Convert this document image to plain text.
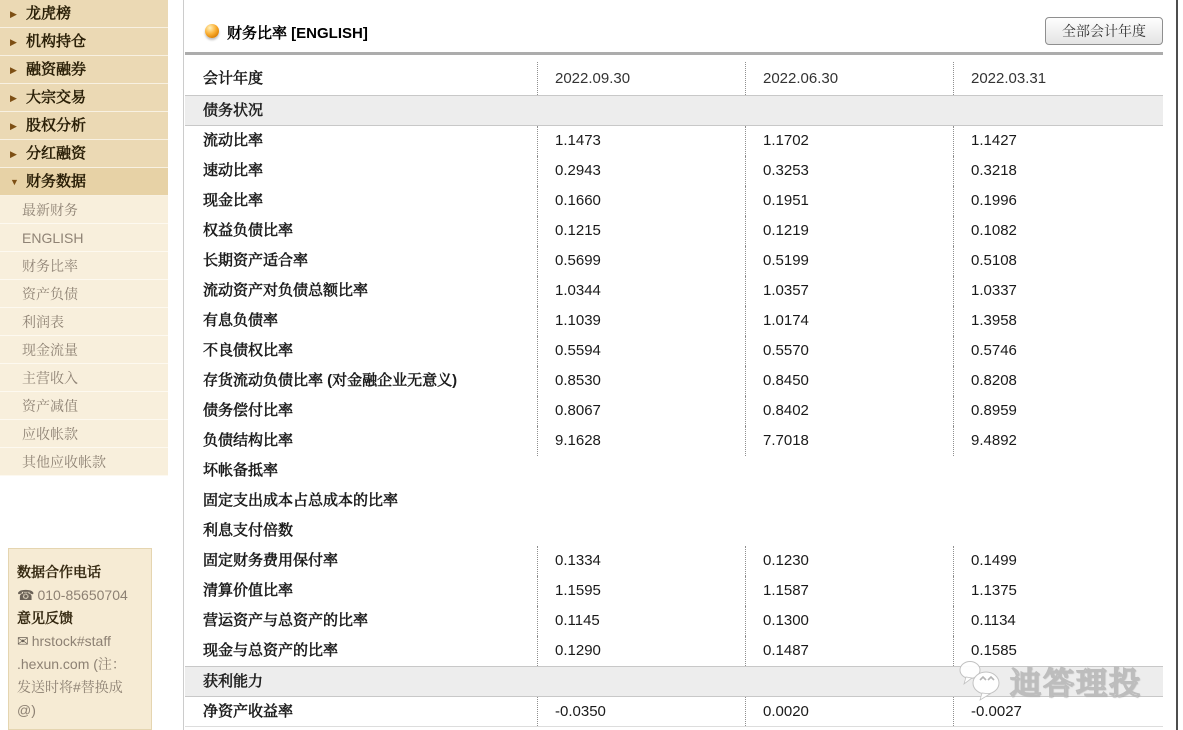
▶ 龙虎榜
▶ 机构持仓
▶ 融资融券
▶ 大宗交易
▶ 股权分析
▶ 分红融资
▼ 财务数据
最新财务
ENGLISH
财务比率
资产负债
利润表
现金流量
主营收入
资产减值
应收帐款
其他应收帐款
数据合作电话
☎ 010-85650704
意见反馈
✉ hrstock#staff
.hexun.com (注：
发送时将#替换成
@)
财务比率 [ENGLISH]	全部会计年度
会计年度	2022.09.30	2022.06.30	2022.03.31
债务状况
流动比率	1.1473	1.1702	1.1427
速动比率	0.2943	0.3253	0.3218
现金比率	0.1660	0.1951	0.1996
权益负债比率	0.1215	0.1219	0.1082
长期资产适合率	0.5699	0.5199	0.5108
流动资产对负债总额比率	1.0344	1.0357	1.0337
有息负债率	1.1039	1.0174	1.3958
不良债权比率	0.5594	0.5570	0.5746
存货流动负债比率 (对金融企业无意义)	0.8530	0.8450	0.8208
债务偿付比率	0.8067	0.8402	0.8959
负债结构比率	9.1628	7.7018	9.4892
坏帐备抵率
固定支出成本占总成本的比率
利息支付倍数
固定财务费用保付率	0.1334	0.1230	0.1499
清算价值比率	1.1595	1.1587	1.1375
营运资产与总资产的比率	0.1145	0.1300	0.1134
现金与总资产的比率	0.1290	0.1487	0.1585
获利能力
净资产收益率	-0.0350	0.0020	-0.0027
迪答理投
